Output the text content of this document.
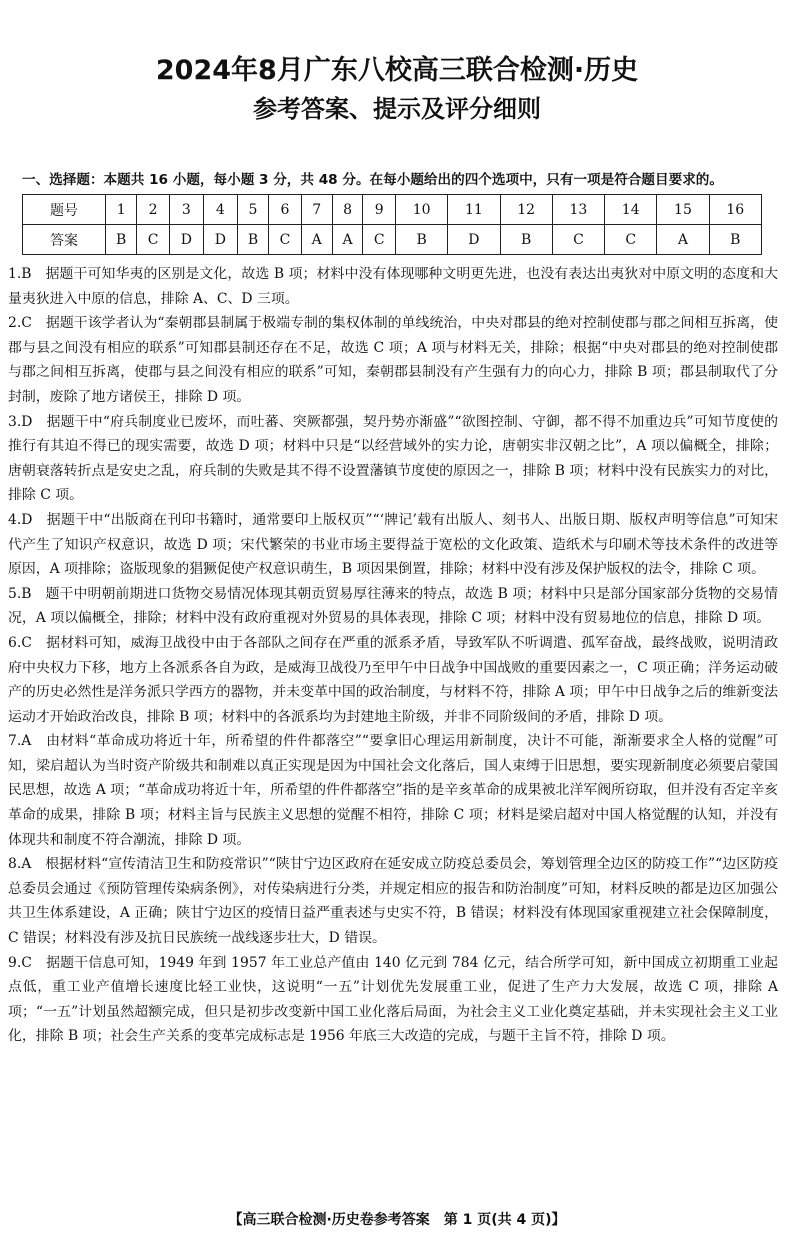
2024年8月广东八校高三联合检测·历史
参考答案、提示及评分细则
一、选择题：本题共 16 小题，每小题 3 分，共 48 分。在每小题给出的四个选项中，只有一项是符合题目要求的。
题号	1	2	3	4	5	6	7	8	9	10	11	12	13	14	15	16
答案	B	C	D	D	B	C	A	A	C	B	D	B	C	C	A	B
1.B　 据题干可知华夷的区别是文化，故选 B 项；材料中没有体现哪种文明更先进，也没有表达出夷狄对中原文明的态度和大量夷狄进入中原的信息，排除 A、C、D 三项。
2.C　 据题干该学者认为“秦朝郡县制属于极端专制的集权体制的单线统治，中央对郡县的绝对控制使郡与郡之间相互拆离，使郡与县之间没有相应的联系”可知郡县制还存在不足，故选 C 项；A 项与材料无关，排除；根据“中央对郡县的绝对控制使郡与郡之间相互拆离，使郡与县之间没有相应的联系”可知，秦朝郡县制没有产生强有力的向心力，排除 B 项；郡县制取代了分封制，废除了地方诸侯王，排除 D 项。
3.D　 据题干中“府兵制度业已废坏，而吐蕃、突厥都强，契丹势亦渐盛”“欲图控制、守御，都不得不加重边兵”可知节度使的推行有其迫不得已的现实需要，故选 D 项；材料中只是“以经营域外的实力论，唐朝实非汉朝之比”，A 项以偏概全，排除；唐朝衰落转折点是安史之乱，府兵制的失败是其不得不设置藩镇节度使的原因之一，排除 B 项；材料中没有民族实力的对比，排除 C 项。
4.D　 据题干中“出版商在刊印书籍时，通常要印上版权页”“‘牌记’载有出版人、刻书人、出版日期、版权声明等信息”可知宋代产生了知识产权意识，故选 D 项；宋代繁荣的书业市场主要得益于宽松的文化政策、造纸术与印刷术等技术条件的改进等原因，A 项排除；盗版现象的猖獗促使产权意识萌生，B 项因果倒置，排除；材料中没有涉及保护版权的法令，排除 C 项。
5.B　 题干中明朝前期进口货物交易情况体现其朝贡贸易厚往薄来的特点，故选 B 项；材料中只是部分国家部分货物的交易情况，A 项以偏概全，排除；材料中没有政府重视对外贸易的具体表现，排除 C 项；材料中没有贸易地位的信息，排除 D 项。
6.C　 据材料可知，威海卫战役中由于各部队之间存在严重的派系矛盾，导致军队不听调遣、孤军奋战，最终战败，说明清政府中央权力下移，地方上各派系各自为政，是威海卫战役乃至甲午中日战争中国战败的重要因素之一，C 项正确；洋务运动破产的历史必然性是洋务派只学西方的器物，并未变革中国的政治制度，与材料不符，排除 A 项；甲午中日战争之后的维新变法运动才开始政治改良，排除 B 项；材料中的各派系均为封建地主阶级，并非不同阶级间的矛盾，排除 D 项。
7.A　 由材料“革命成功将近十年，所希望的件件都落空”“要拿旧心理运用新制度，决计不可能，渐渐要求全人格的觉醒”可知，梁启超认为当时资产阶级共和制难以真正实现是因为中国社会文化落后，国人束缚于旧思想，要实现新制度必须要启蒙国民思想，故选 A 项；“革命成功将近十年，所希望的件件都落空”指的是辛亥革命的成果被北洋军阀所窃取，但并没有否定辛亥革命的成果，排除 B 项；材料主旨与民族主义思想的觉醒不相符，排除 C 项；材料是梁启超对中国人格觉醒的认知，并没有体现共和制度不符合潮流，排除 D 项。
8.A　 根据材料“宣传清洁卫生和防疫常识”“陕甘宁边区政府在延安成立防疫总委员会，筹划管理全边区的防疫工作”“边区防疫总委员会通过《预防管理传染病条例》，对传染病进行分类，并规定相应的报告和防治制度”可知，材料反映的都是边区加强公共卫生体系建设，A 正确；陕甘宁边区的疫情日益严重表述与史实不符，B 错误；材料没有体现国家重视建立社会保障制度，C 错误；材料没有涉及抗日民族统一战线逐步壮大，D 错误。
9.C　 据题干信息可知，1949 年到 1957 年工业总产值由 140 亿元到 784 亿元，结合所学可知，新中国成立初期重工业起点低，重工业产值增长速度比轻工业快，这说明“一五”计划优先发展重工业，促进了生产力大发展，故选 C 项，排除 A 项；“一五”计划虽然超额完成，但只是初步改变新中国工业化落后局面，为社会主义工业化奠定基础，并未实现社会主义工业化，排除 B 项；社会生产关系的变革完成标志是 1956 年底三大改造的完成，与题干主旨不符，排除 D 项。
【高三联合检测·历史卷参考答案　第 1 页(共 4 页)】
